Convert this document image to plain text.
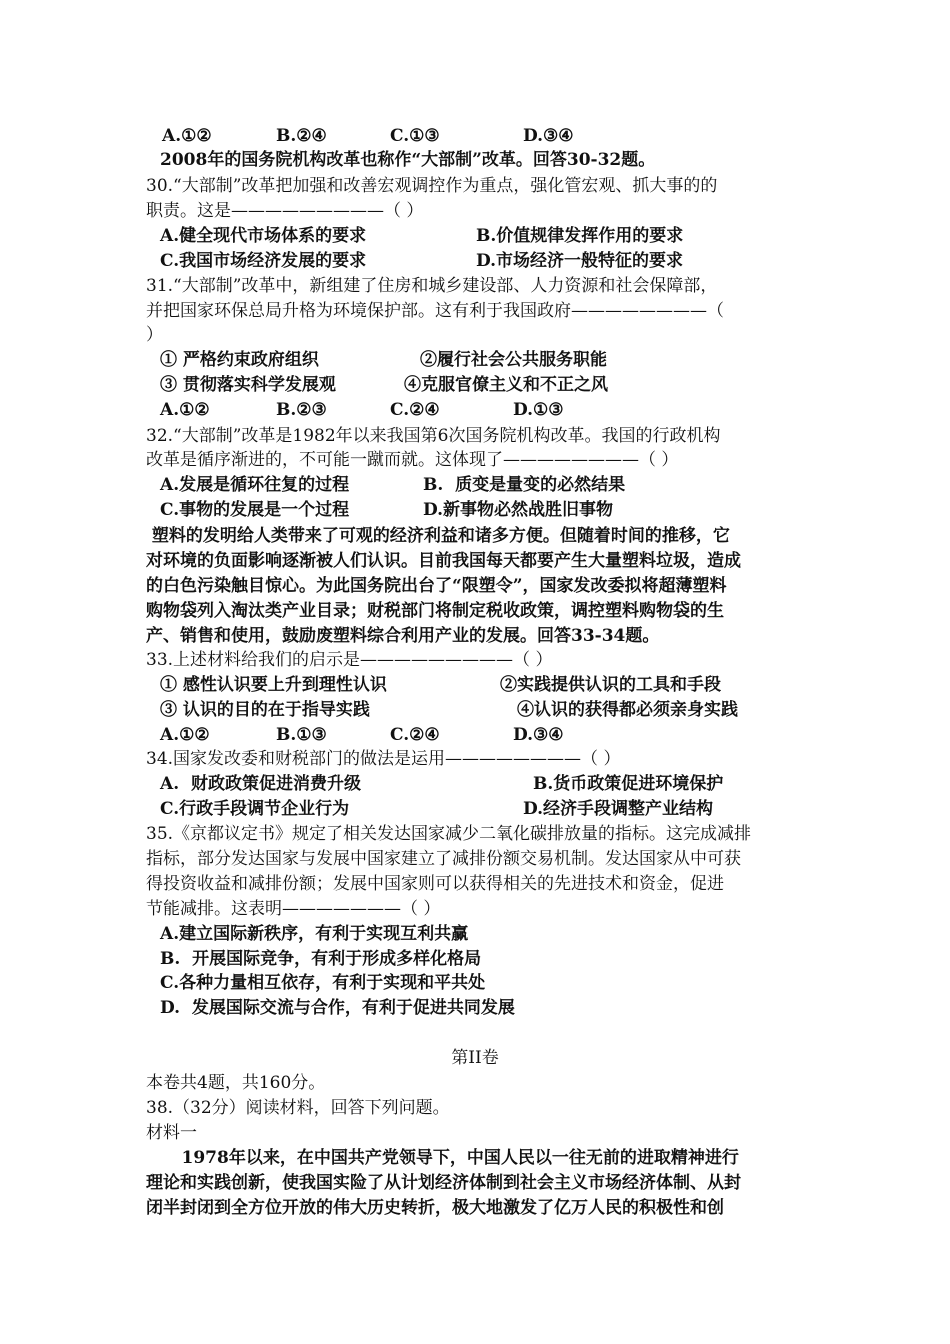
A.①②	B.②④	C.①③	D.③④
2008年的国务院机构改革也称作“大部制”改革。回答30-32题。
30.“大部制”改革把加强和改善宏观调控作为重点，强化管宏观、抓大事的的
职责。这是—————————（ ）
A.健全现代市场体系的要求	B.价值规律发挥作用的要求
C.我国市场经济发展的要求	D.市场经济一般特征的要求
31.“大部制”改革中，新组建了住房和城乡建设部、人力资源和社会保障部，
并把国家环保总局升格为环境保护部。这有利于我国政府————————（
）
① 严格约束政府组织	②履行社会公共服务职能
③ 贯彻落实科学发展观	④克服官僚主义和不正之风
A.①②	B.②③	C.②④	D.①③
32.“大部制”改革是1982年以来我国第6次国务院机构改革。我国的行政机构
改革是循序渐进的，不可能一蹴而就。这体现了————————（ ）
A.发展是循环往复的过程	B.  质变是量变的必然结果
C.事物的发展是一个过程	D.新事物必然战胜旧事物
塑料的发明给人类带来了可观的经济利益和诸多方便。但随着时间的推移，它
对环境的负面影响逐渐被人们认识。目前我国每天都要产生大量塑料垃圾，造成
的白色污染触目惊心。为此国务院出台了“限塑令”，国家发改委拟将超薄塑料
购物袋列入淘汰类产业目录；财税部门将制定税收政策，调控塑料购物袋的生
产、销售和使用，鼓励废塑料综合利用产业的发展。回答33-34题。
33.上述材料给我们的启示是—————————（ ）
① 感性认识要上升到理性认识	②实践提供认识的工具和手段
③ 认识的目的在于指导实践	④认识的获得都必须亲身实践
A.①②	B.①③	C.②④	D.③④
34.国家发改委和财税部门的做法是运用————————（ ）
A.  财政政策促进消费升级	B.货币政策促进环境保护
C.行政手段调节企业行为	D.经济手段调整产业结构
35.《京都议定书》规定了相关发达国家减少二氧化碳排放量的指标。这完成减排
指标，部分发达国家与发展中国家建立了减排份额交易机制。发达国家从中可获
得投资收益和减排份额；发展中国家则可以获得相关的先进技术和资金，促进
节能减排。这表明———————（ ）
A.建立国际新秩序，有利于实现互利共赢
B.  开展国际竞争，有利于形成多样化格局
C.各种力量相互依存，有利于实现和平共处
D.  发展国际交流与合作，有利于促进共同发展
第II卷
本卷共4题，共160分。
38.（32分）阅读材料，回答下列问题。
材料一
1978年以来，在中国共产党领导下，中国人民以一往无前的进取精神进行
理论和实践创新，使我国实险了从计划经济体制到社会主义市场经济体制、从封
闭半封闭到全方位开放的伟大历史转折，极大地激发了亿万人民的积极性和创
